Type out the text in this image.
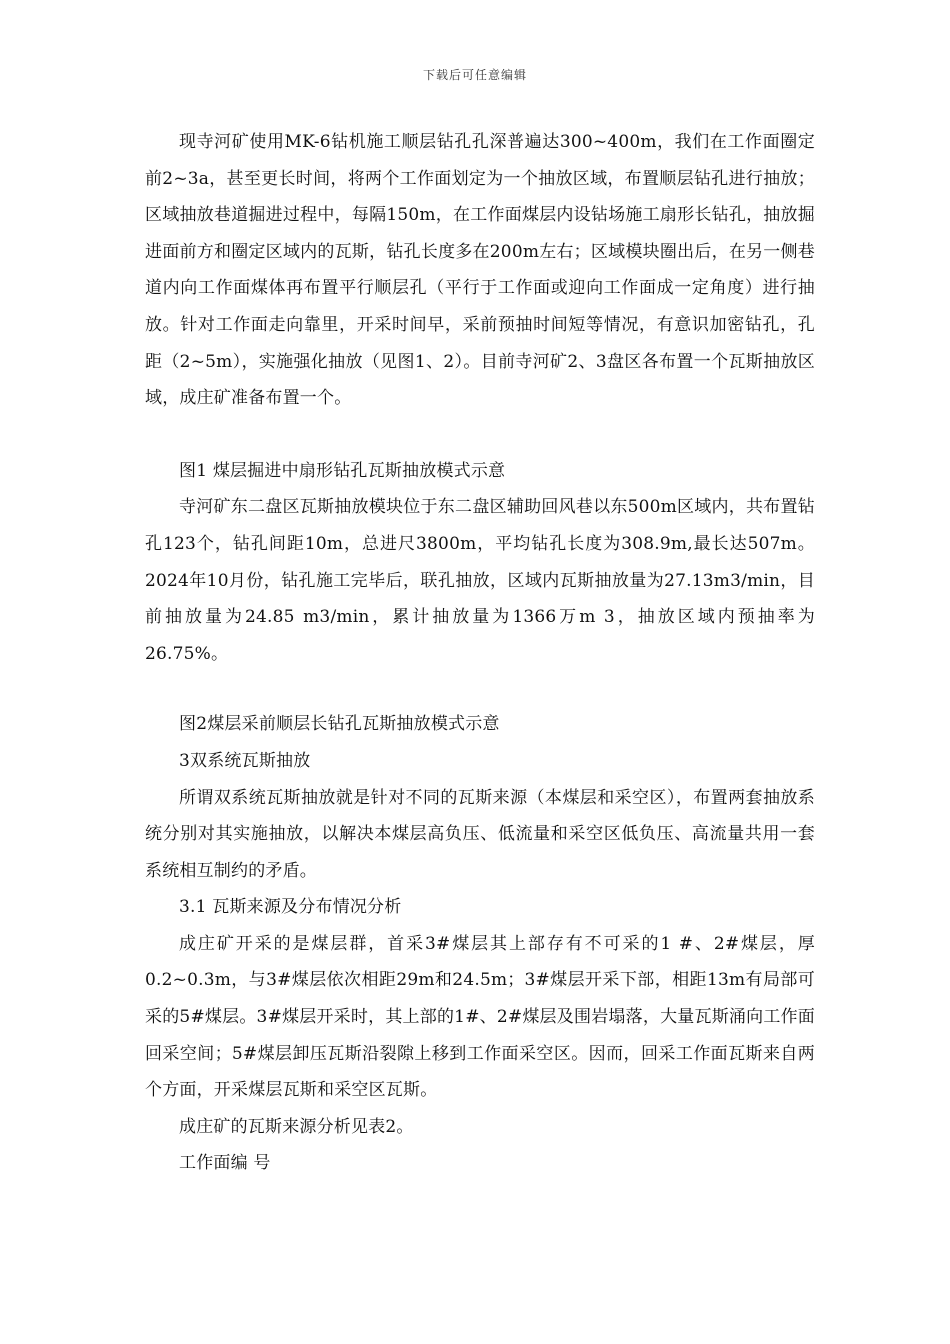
下载后可任意编辑

现寺河矿使用MK-6钻机施工顺层钻孔孔深普遍达300~400m，我们在工作面圈定前2~3a，甚至更长时间，将两个工作面划定为一个抽放区域，布置顺层钻孔进行抽放；区域抽放巷道掘进过程中，每隔150m，在工作面煤层内设钻场施工扇形长钻孔，抽放掘进面前方和圈定区域内的瓦斯，钻孔长度多在200m左右；区域模块圈出后，在另一侧巷道内向工作面煤体再布置平行顺层孔（平行于工作面或迎向工作面成一定角度）进行抽放。针对工作面走向靠里，开采时间早，采前预抽时间短等情况，有意识加密钻孔，孔距（2~5m），实施强化抽放（见图1、2）。目前寺河矿2、3盘区各布置一个瓦斯抽放区域，成庄矿准备布置一个。

图1 煤层掘进中扇形钻孔瓦斯抽放模式示意

寺河矿东二盘区瓦斯抽放模块位于东二盘区辅助回风巷以东500m区域内，共布置钻孔123个，钻孔间距10m，总进尺3800m，平均钻孔长度为308.9m,最长达507m。2024年10月份，钻孔施工完毕后，联孔抽放，区域内瓦斯抽放量为27.13m3/min，目前抽放量为24.85 m3/min，累计抽放量为1366万m 3，抽放区域内预抽率为26.75%。

图2煤层采前顺层长钻孔瓦斯抽放模式示意

3双系统瓦斯抽放

所谓双系统瓦斯抽放就是针对不同的瓦斯来源（本煤层和采空区），布置两套抽放系统分别对其实施抽放，以解决本煤层高负压、低流量和采空区低负压、高流量共用一套系统相互制约的矛盾。

3.1 瓦斯来源及分布情况分析

成庄矿开采的是煤层群，首采3#煤层其上部存有不可采的1 #、2#煤层，厚0.2~0.3m，与3#煤层依次相距29m和24.5m；3#煤层开采下部，相距13m有局部可采的5#煤层。3#煤层开采时，其上部的1#、2#煤层及围岩塌落，大量瓦斯涌向工作面回采空间；5#煤层卸压瓦斯沿裂隙上移到工作面采空区。因而，回采工作面瓦斯来自两个方面，开采煤层瓦斯和采空区瓦斯。

成庄矿的瓦斯来源分析见表2。

工作面编 号
